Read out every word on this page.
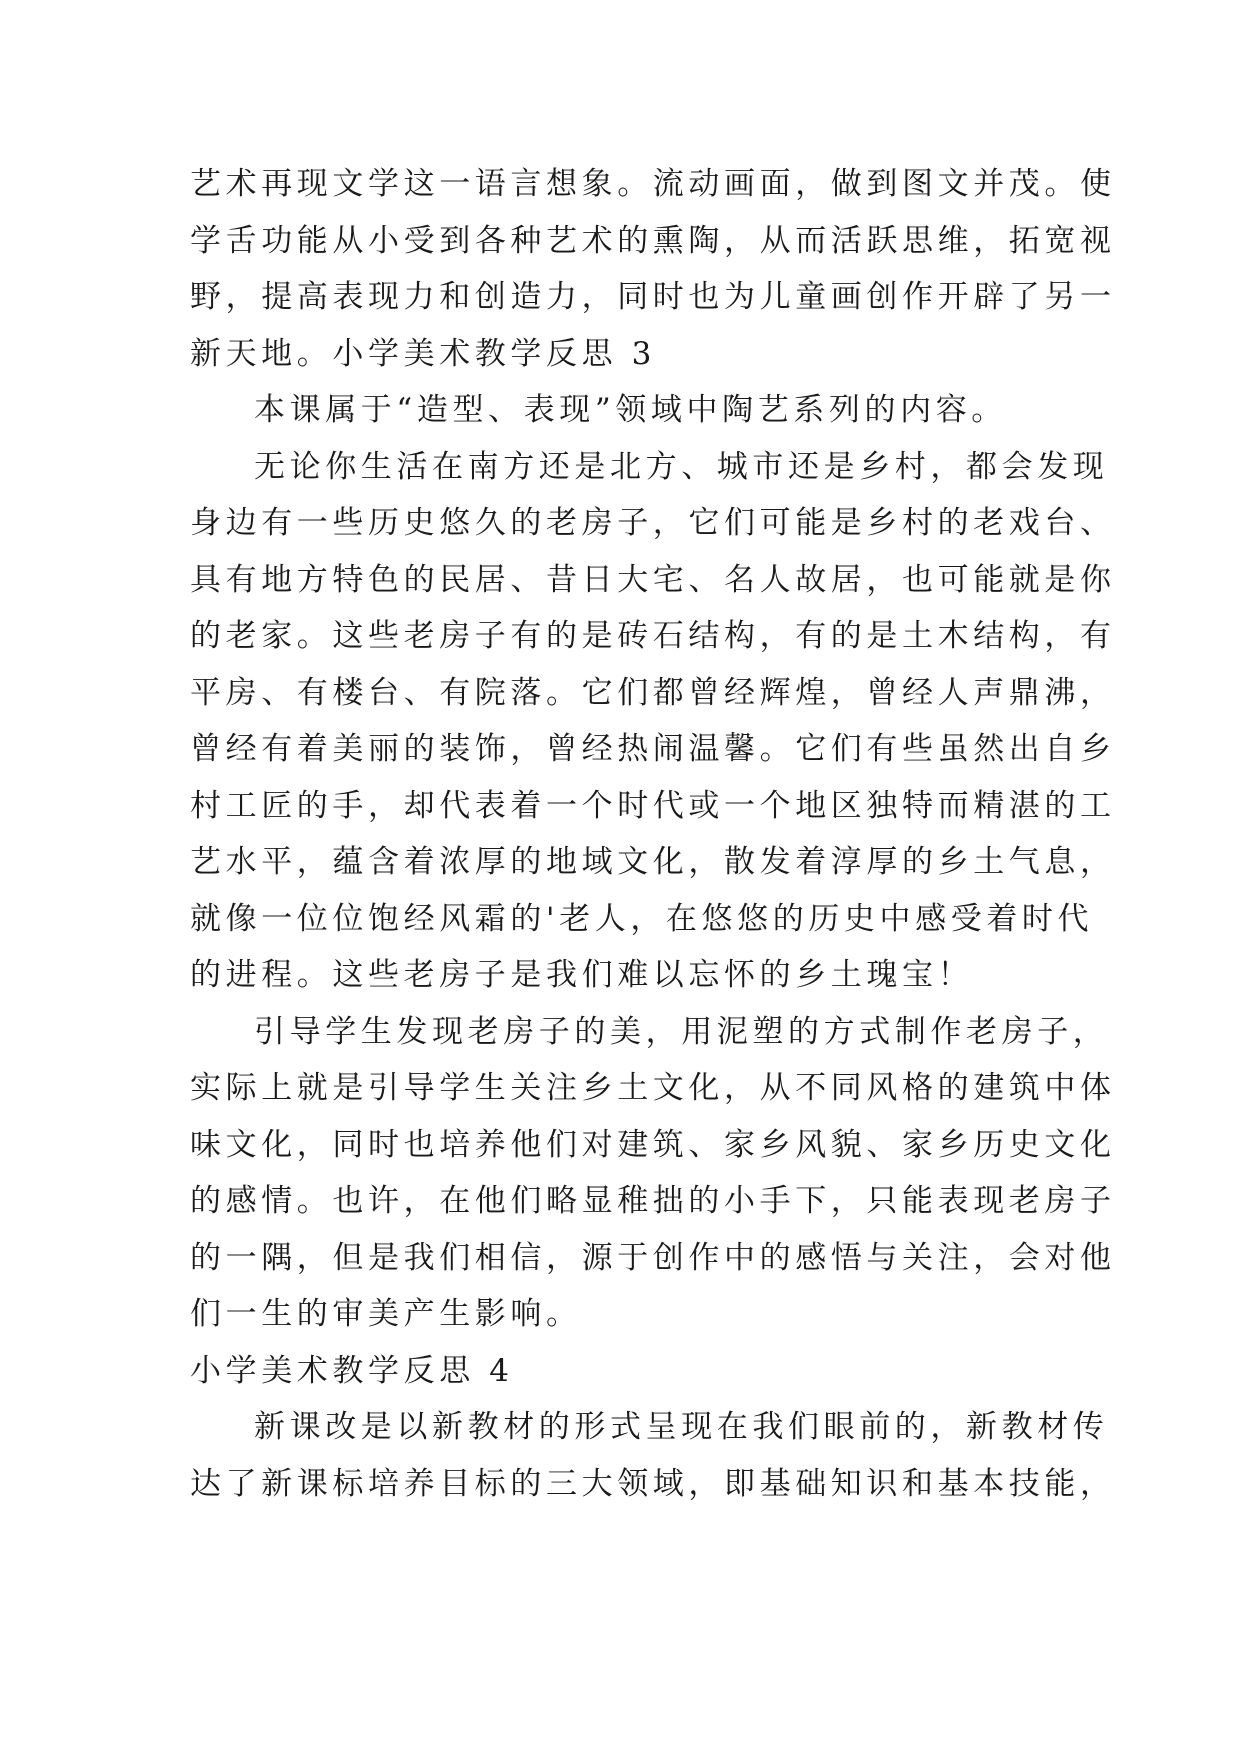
艺术再现文学这一语言想象。流动画面，做到图文并茂。使
学舌功能从小受到各种艺术的熏陶，从而活跃思维，拓宽视
野，提高表现力和创造力，同时也为儿童画创作开辟了另一
新天地。小学美术教学反思 3
本课属于“造型、表现”领域中陶艺系列的内容。
无论你生活在南方还是北方、城市还是乡村，都会发现
身边有一些历史悠久的老房子，它们可能是乡村的老戏台、
具有地方特色的民居、昔日大宅、名人故居，也可能就是你
的老家。这些老房子有的是砖石结构，有的是土木结构，有
平房、有楼台、有院落。它们都曾经辉煌，曾经人声鼎沸，
曾经有着美丽的装饰，曾经热闹温馨。它们有些虽然出自乡
村工匠的手，却代表着一个时代或一个地区独特而精湛的工
艺水平，蕴含着浓厚的地域文化，散发着淳厚的乡土气息，
就像一位位饱经风霜的'老人，在悠悠的历史中感受着时代
的进程。这些老房子是我们难以忘怀的乡土瑰宝！
引导学生发现老房子的美，用泥塑的方式制作老房子，
实际上就是引导学生关注乡土文化，从不同风格的建筑中体
味文化，同时也培养他们对建筑、家乡风貌、家乡历史文化
的感情。也许，在他们略显稚拙的小手下，只能表现老房子
的一隅，但是我们相信，源于创作中的感悟与关注，会对他
们一生的审美产生影响。
小学美术教学反思 4
新课改是以新教材的形式呈现在我们眼前的，新教材传
达了新课标培养目标的三大领域，即基础知识和基本技能，
